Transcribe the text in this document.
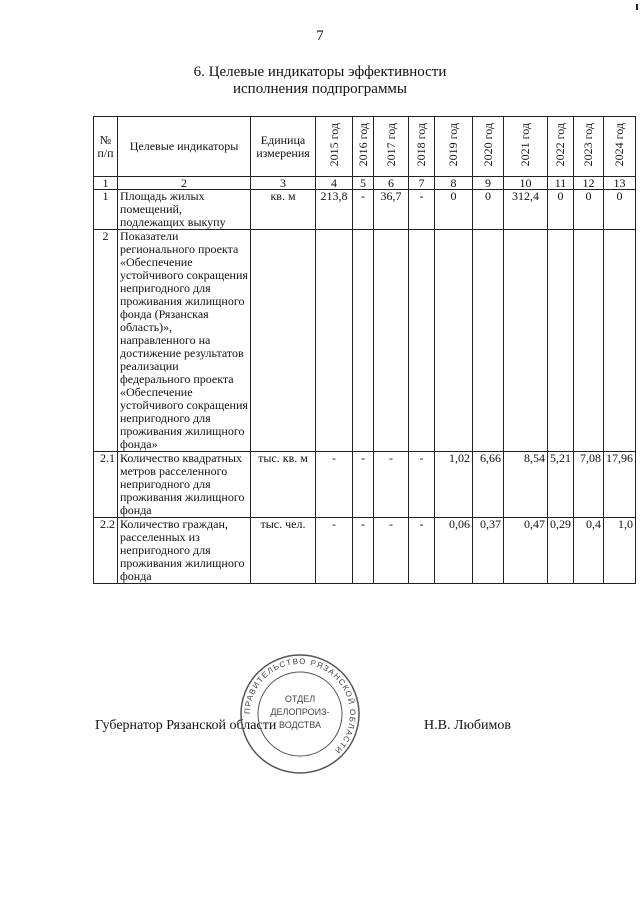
7
6. Целевые индикаторы эффективности
исполнения подпрограммы
№ п/п	Целевые индикаторы	Единица измерения	2015 год	2016 год	2017 год	2018 год	2019 год	2020 год	2021 год	2022 год	2023 год	2024 год
1	2	3	4	5	6	7	8	9	10	11	12	13
1	Площадь жилых помещений, подлежащих выкупу	кв. м	213,8	-	36,7	-	0	0	312,4	0	0	0
2	Показатели регионального проекта «Обеспечение устойчивого сокращения непригодного для проживания жилищного фонда (Рязанская область)», направленного на достижение результатов реализации федерального проекта «Обеспечение устойчивого сокращения непригодного для проживания жилищного фонда»											
2.1	Количество квадратных метров расселенного непригодного для проживания жилищного фонда	тыс. кв. м	-	-	-	-	1,02	6,66	8,54	5,21	7,08	17,96
2.2	Количество граждан, расселенных из непригодного для проживания жилищного фонда	тыс. чел.	-	-	-	-	0,06	0,37	0,47	0,29	0,4	1,0
Губернатор Рязанской области	Н.В. Любимов
ПРАВИТЕЛЬСТВО РЯЗАНСКОЙ ОБЛАСТИ
ОТДЕЛ
ДЕЛОПРОИЗ-
ВОДСТВА
